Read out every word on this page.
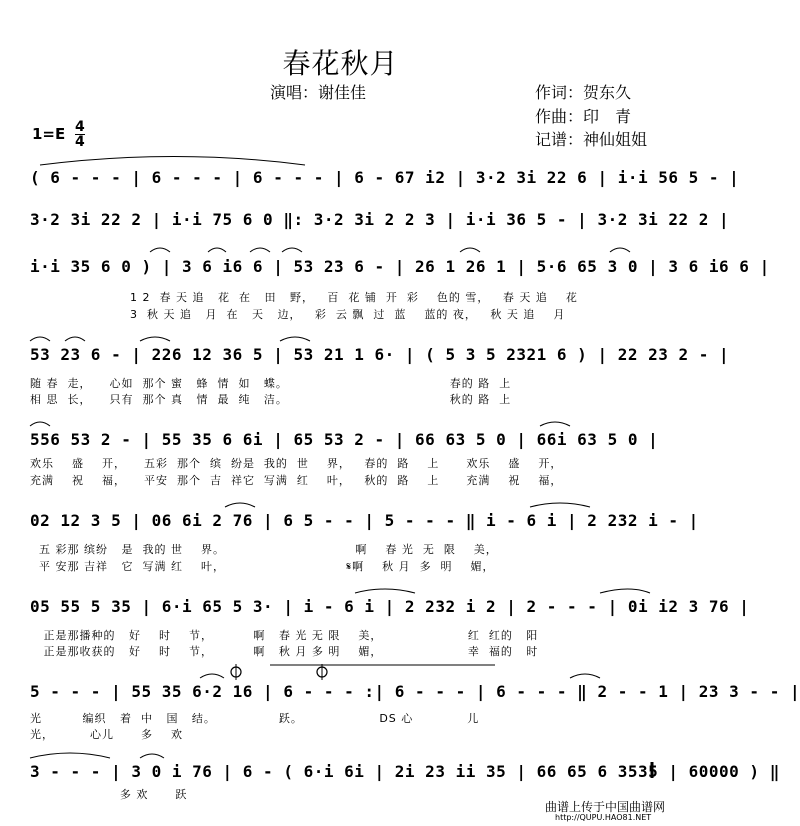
春花秋月
演唱：谢佳佳	作词：贺东久
作曲：印　青
记谱：神仙姐姐
1=E 4
4
( 6 - - - | 6 - - - | 6 - - - | 6 - 67 i2 | 3·2 3i 22 6 | i·i 56 5 - |
3·2 3i 22 2 | i·i 75 6 0 ‖: 3·2 3i 2 2 3 | i·i 36 5 - | 3·2 3i 22 2 |
i·i 35 6 0 ) | 3 6 i6 6 | 53 23 6 - | 26 1 26 1 | 5·6 65 3 0 | 3 6 i6 6 |
1 2  春 天 追   花  在   田   野，   百  花 铺  开  彩    色的 雪，   春 天 追    花
3  秋 天 追   月  在   天   边，   彩  云 飘  过  蓝    蓝的 夜，   秋 天 追    月
53 23 6 - | 226 12 36 5 | 53 21 1 6· | ( 5 3 5 2321 6 ) | 22 23 2 - |
随 春  走，    心如  那个 蜜   蜂  情  如   蝶。                                    春的 路  上
相 思  长，    只有  那个 真   情  最  纯   洁。                                    秋的 路  上
556 53 2 - | 55 35 6 6i | 65 53 2 - | 66 63 5 0 | 66i 63 5 0 |
欢乐    盛    开，    五彩  那个  缤  纷是  我的  世    界，   春的  路    上      欢乐    盛    开，
充满    祝    福，    平安  那个  吉  祥它  写满  红    叶，   秋的  路    上      充满    祝    福，
02 12 3 5 | 06 6i 2 76 | 6 5 - - | 5 - - - ‖ i - 6 i | 2 232 i - |
五 彩那 缤纷   是  我的 世    界。                             啊    春 光  无  限    美，
平 安那 吉祥   它  写满 红    叶，                           𝄋啊    秋 月  多  明    媚，
05 55 5 35 | 6·i 65 5 3· | i - 6 i | 2 232 i 2 | 2 - - - | 0i i2 3 76 |
正是那播种的   好    时    节，         啊   春 光 无 限    美，                   红  红的   阳
正是那收获的   好    时    节，         啊   秋 月 多 明    媚，                   幸  福的   时
5 - - - | 55 35 6·2 16 | 6 - - - :| 6 - - - | 6 - - - ‖ 2 - - 1 | 23 3 - - |
光         编织   着  中   国   结。              跃。                 DS 心            儿
光，        心儿      多    欢
3 - - - | 3 0 i 76 | 6 - ( 6·i 6i | 2i 23 ii 35 | 66 65 6 3535 | 60000 ) ‖
多 欢      跃
曲谱上传于中国曲谱网
http://QUPU.HAO81.NET
